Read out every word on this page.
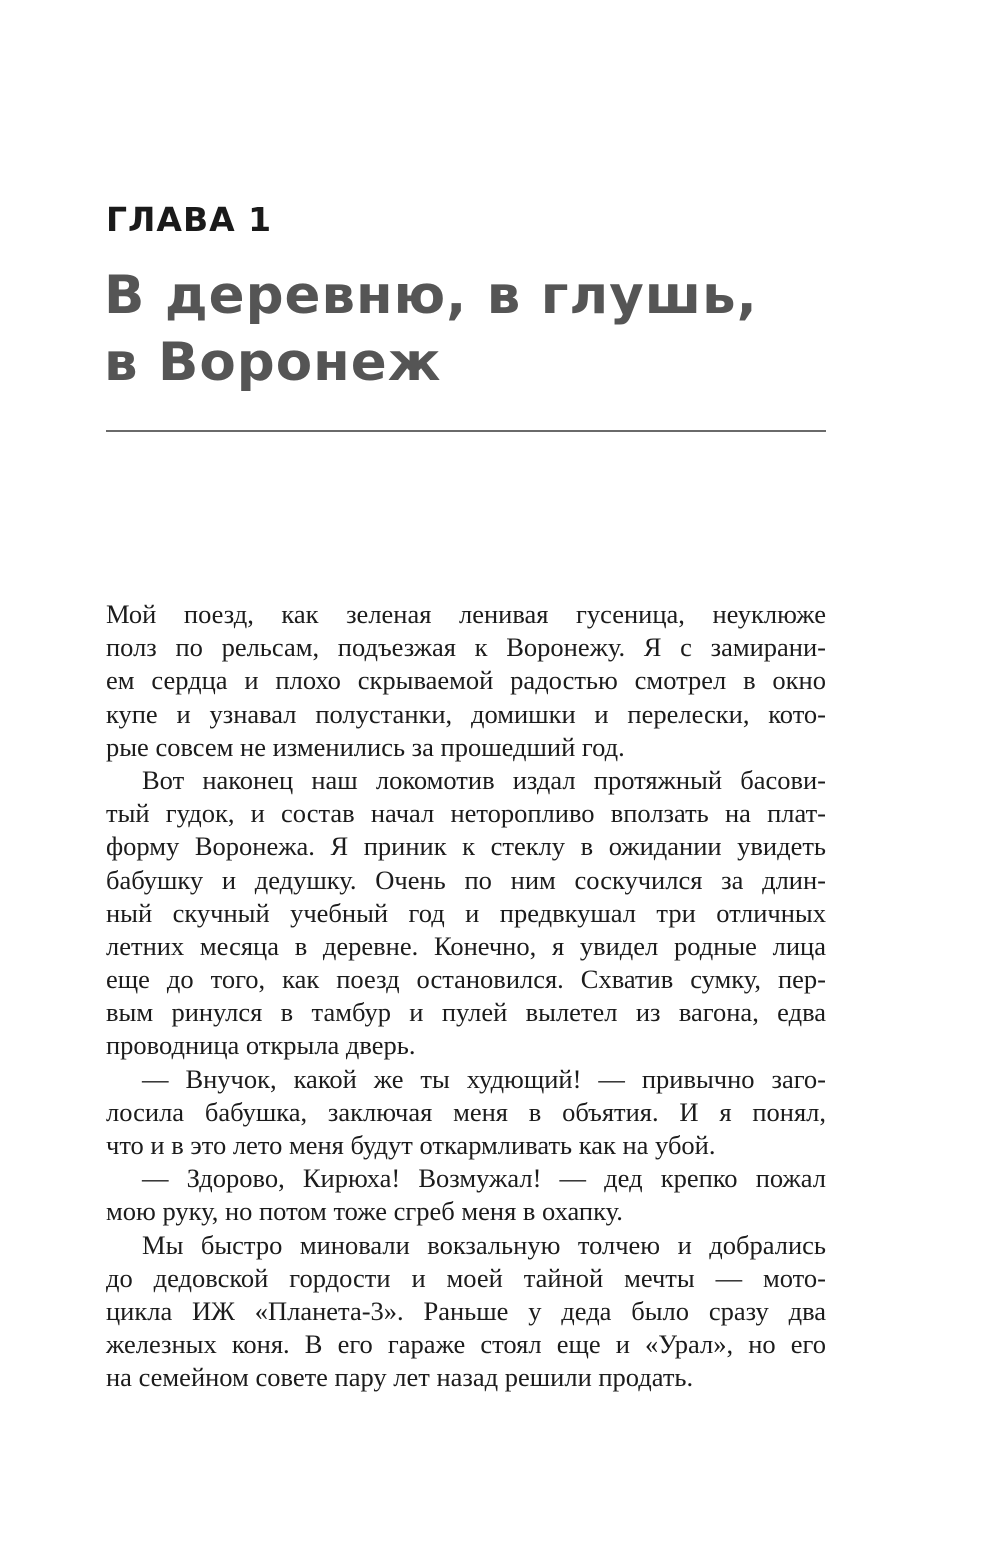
ГЛАВА 1
В деревню, в глушь,
в Воронеж
Мой поезд, как зеленая ленивая гусеница, неуклюже
полз по рельсам, подъезжая к Воронежу. Я с замирани-
ем сердца и плохо скрываемой радостью смотрел в окно
купе и узнавал полустанки, домишки и перелески, кото-
рые совсем не изменились за прошедший год.
Вот наконец наш локомотив издал протяжный басови-
тый гудок, и состав начал неторопливо вползать на плат-
форму Воронежа. Я приник к стеклу в ожидании увидеть
бабушку и дедушку. Очень по ним соскучился за длин-
ный скучный учебный год и предвкушал три отличных
летних месяца в деревне. Конечно, я увидел родные лица
еще до того, как поезд остановился. Схватив сумку, пер-
вым ринулся в тамбур и пулей вылетел из вагона, едва
проводница открыла дверь.
— Внучок, какой же ты худющий! — привычно заго-
лосила бабушка, заключая меня в объятия. И я понял,
что и в это лето меня будут откармливать как на убой.
— Здорово, Кирюха! Возмужал! — дед крепко пожал
мою руку, но потом тоже сгреб меня в охапку.
Мы быстро миновали вокзальную толчею и добрались
до дедовской гордости и моей тайной мечты — мото-
цикла ИЖ «Планета-3». Раньше у деда было сразу два
железных коня. В его гараже стоял еще и «Урал», но его
на семейном совете пару лет назад решили продать.
